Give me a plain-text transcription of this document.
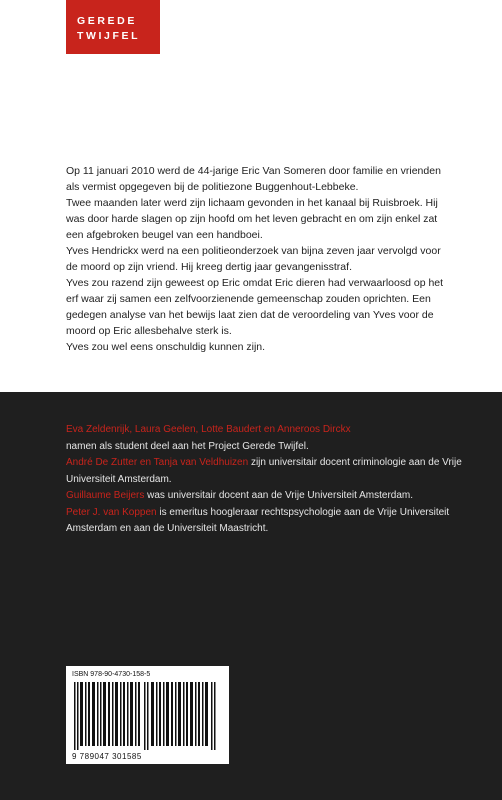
GEREDE
TWIJFEL

Op 11 januari 2010 werd de 44-jarige Eric Van Someren door familie en vrienden als vermist opgegeven bij de politiezone Buggenhout-Lebbeke.

Twee maanden later werd zijn lichaam gevonden in het kanaal bij Ruisbroek. Hij was door harde slagen op zijn hoofd om het leven gebracht en om zijn enkel zat een afgebroken beugel van een handboei.

Yves Hendrickx werd na een politieonderzoek van bijna zeven jaar vervolgd voor de moord op zijn vriend. Hij kreeg dertig jaar gevangenisstraf.

Yves zou razend zijn geweest op Eric omdat Eric dieren had verwaarloosd op het erf waar zij samen een zelfvoorzienende gemeenschap zouden oprichten. Een gedegen analyse van het bewijs laat zien dat de veroordeling van Yves voor de moord op Eric allesbehalve sterk is.

Yves zou wel eens onschuldig kunnen zijn.

Eva Zeldenrijk, Laura Geelen, Lotte Baudert en Anneroos Dirckx
namen als student deel aan het Project Gerede Twijfel.

André De Zutter en Tanja van Veldhuizen zijn universitair docent criminologie aan de Vrije Universiteit Amsterdam.

Guillaume Beijers was universitair docent aan de Vrije Universiteit Amsterdam.

Peter J. van Koppen is emeritus hoogleraar rechtspsychologie aan de Vrije Universiteit Amsterdam en aan de Universiteit Maastricht.

ISBN 978-90-4730-158-5
9 789047 301585
